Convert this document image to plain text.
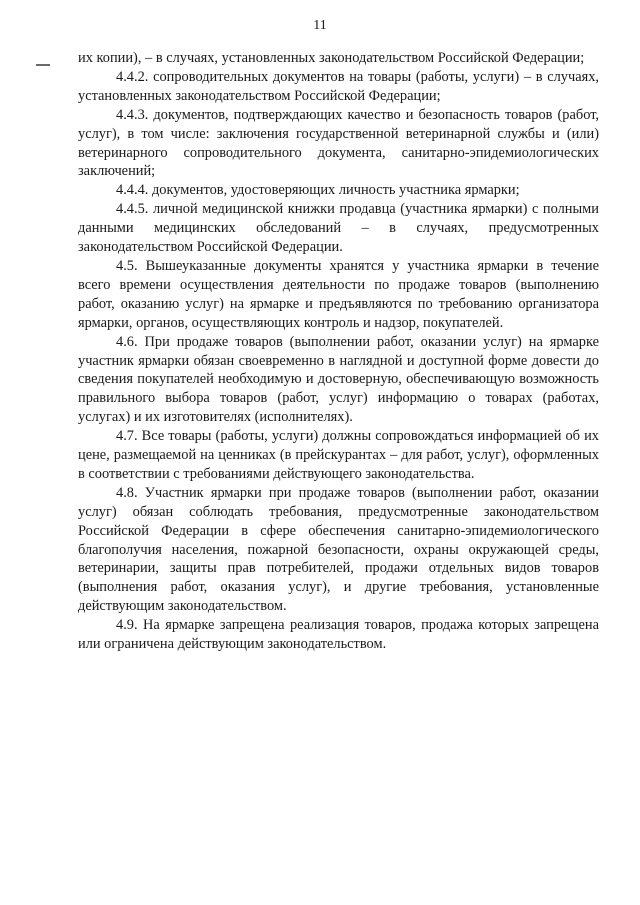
11

их копии), – в случаях, установленных законодательством Российской Федерации;

4.4.2. сопроводительных документов на товары (работы, услуги) – в случаях, установленных законодательством Российской Федерации;

4.4.3. документов, подтверждающих качество и безопасность товаров (работ, услуг), в том числе: заключения государственной ветеринарной службы и (или) ветеринарного сопроводительного документа, санитарно-эпидемиологических заключений;

4.4.4. документов, удостоверяющих личность участника ярмарки;

4.4.5. личной медицинской книжки продавца (участника ярмарки) с полными данными медицинских обследований – в случаях, предусмотренных законодательством Российской Федерации.

4.5. Вышеуказанные документы хранятся у участника ярмарки в течение всего времени осуществления деятельности по продаже товаров (выполнению работ, оказанию услуг) на ярмарке и предъявляются по требованию организатора ярмарки, органов, осуществляющих контроль и надзор, покупателей.

4.6. При продаже товаров (выполнении работ, оказании услуг) на ярмарке участник ярмарки обязан своевременно в наглядной и доступной форме довести до сведения покупателей необходимую и достоверную, обеспечивающую возможность правильного выбора товаров (работ, услуг) информацию о товарах (работах, услугах) и их изготовителях (исполнителях).

4.7. Все товары (работы, услуги) должны сопровождаться информацией об их цене, размещаемой на ценниках (в прейскурантах – для работ, услуг), оформленных в соответствии с требованиями действующего законодательства.

4.8. Участник ярмарки при продаже товаров (выполнении работ, оказании услуг) обязан соблюдать требования, предусмотренные законодательством Российской Федерации в сфере обеспечения санитарно-эпидемиологического благополучия населения, пожарной безопасности, охраны окружающей среды, ветеринарии, защиты прав потребителей, продажи отдельных видов товаров (выполнения работ, оказания услуг), и другие требования, установленные действующим законодательством.

4.9. На ярмарке запрещена реализация товаров, продажа которых запрещена или ограничена действующим законодательством.
